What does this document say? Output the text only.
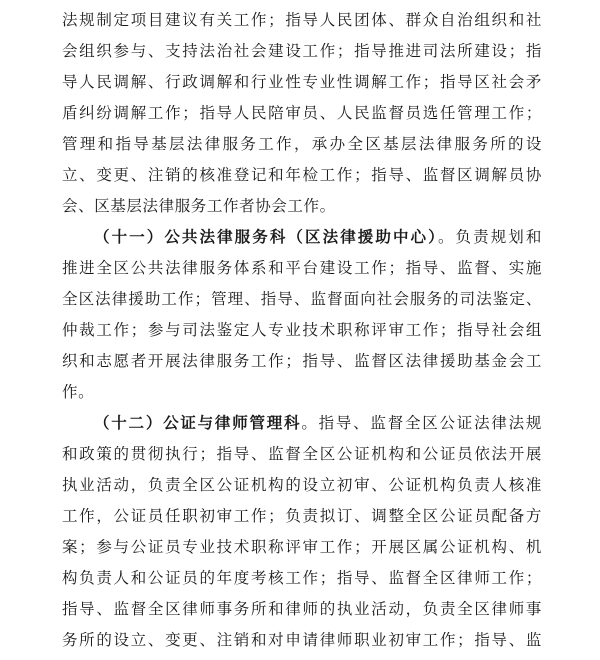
法规制定项目建议有关工作；指导人民团体、群众自治组织和社
会组织参与、支持法治社会建设工作；指导推进司法所建设；指
导人民调解、行政调解和行业性专业性调解工作；指导区社会矛
盾纠纷调解工作；指导人民陪审员、人民监督员选任管理工作；
管理和指导基层法律服务工作，承办全区基层法律服务所的设
立、变更、注销的核准登记和年检工作；指导、监督区调解员协
会、区基层法律服务工作者协会工作。
（十一）公共法律服务科（区法律援助中心）。负责规划和
推进全区公共法律服务体系和平台建设工作；指导、监督、实施
全区法律援助工作；管理、指导、监督面向社会服务的司法鉴定、
仲裁工作；参与司法鉴定人专业技术职称评审工作；指导社会组
织和志愿者开展法律服务工作；指导、监督区法律援助基金会工
作。
（十二）公证与律师管理科。指导、监督全区公证法律法规
和政策的贯彻执行；指导、监督全区公证机构和公证员依法开展
执业活动，负责全区公证机构的设立初审、公证机构负责人核准
工作，公证员任职初审工作；负责拟订、调整全区公证员配备方
案；参与公证员专业技术职称评审工作；开展区属公证机构、机
构负责人和公证员的年度考核工作；指导、监督全区律师工作；
指导、监督全区律师事务所和律师的执业活动，负责全区律师事
务所的设立、变更、注销和对申请律师职业初审工作；指导、监
